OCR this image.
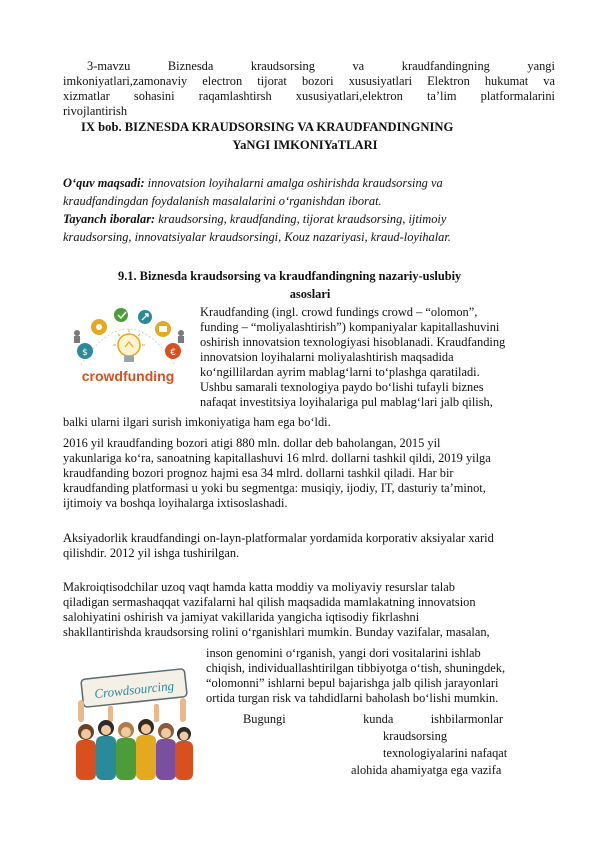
3-mavzu	Biznesda	kraudsorsing	va	kraudfandingning	yangi
imkoniyatlari,zamonaviy electron tijorat bozori xususiyatlari Elektron hukumat va
xizmatlar sohasini raqamlashtirsh xususiyatlari,elektron ta’lim platformalarini
rivojlantirish
IX bob. BIZNESDA KRAUDSORSING VA KRAUDFANDINGNING
YaNGI IMKONIYaTLARI
O‘quv maqsadi: innovatsion loyihalarni amalga oshirishda kraudsorsing va
kraudfandingdan foydalanish masalalarini o‘rganishdan iborat.
Tayanch iboralar: kraudsorsing, kraudfanding, tijorat kraudsorsing, ijtimoiy
kraudsorsing, innovatsiyalar kraudsorsingi, Kouz nazariyasi, kraud-loyihalar.
9.1. Biznesda kraudsorsing va kraudfandingning nazariy-uslubiy
asoslari
$	€
crowdfunding
Kraudfanding (ingl. crowd fundings crowd – “olomon”,
funding – “moliyalashtirish”) kompaniyalar kapitallashuvini
oshirish innovatsion texnologiyasi hisoblanadi. Kraudfanding
innovatsion loyihalarni moliyalashtirish maqsadida
ko‘ngillilardan ayrim mablag‘larni to‘plashga qaratiladi.
Ushbu samarali texnologiya paydo bo‘lishi tufayli biznes
nafaqat investitsiya loyihalariga pul mablag‘lari jalb qilish,
balki ularni ilgari surish imkoniyatiga ham ega bo‘ldi.
2016 yil kraudfanding bozori atigi 880 mln. dollar deb baholangan, 2015 yil
yakunlariga ko‘ra, sanoatning kapitallashuvi 16 mlrd. dollarni tashkil qildi, 2019 yilga
kraudfanding bozori prognoz hajmi esa 34 mlrd. dollarni tashkil qiladi. Har bir
kraudfanding platformasi u yoki bu segmentga: musiqiy, ijodiy, IT, dasturiy ta’minot,
ijtimoiy va boshqa loyihalarga ixtisoslashadi.
Aksiyadorlik kraudfandingi on-layn-platformalar yordamida korporativ aksiyalar xarid
qilishdir. 2012 yil ishga tushirilgan.
Makroiqtisodchilar uzoq vaqt hamda katta moddiy va moliyaviy resurslar talab
qiladigan sermashaqqat vazifalarni hal qilish maqsadida mamlakatning innovatsion
salohiyatini oshirish va jamiyat vakillarida yangicha iqtisodiy fikrlashni
shakllantirishda kraudsorsing rolini o‘rganishlari mumkin. Bunday vazifalar, masalan,
Crowdsourcing
inson genomini o‘rganish, yangi dori vositalarini ishlab
chiqish, individuallashtirilgan tibbiyotga o‘tish, shuningdek,
“olomonni” ishlarni bepul bajarishga jalb qilish jarayonlari
ortida turgan risk va tahdidlarni baholash bo‘lishi mumkin.
Bugungi	kunda	ishbilarmonlar
kraudsorsing
texnologiyalarini nafaqat
alohida ahamiyatga ega vazifa
